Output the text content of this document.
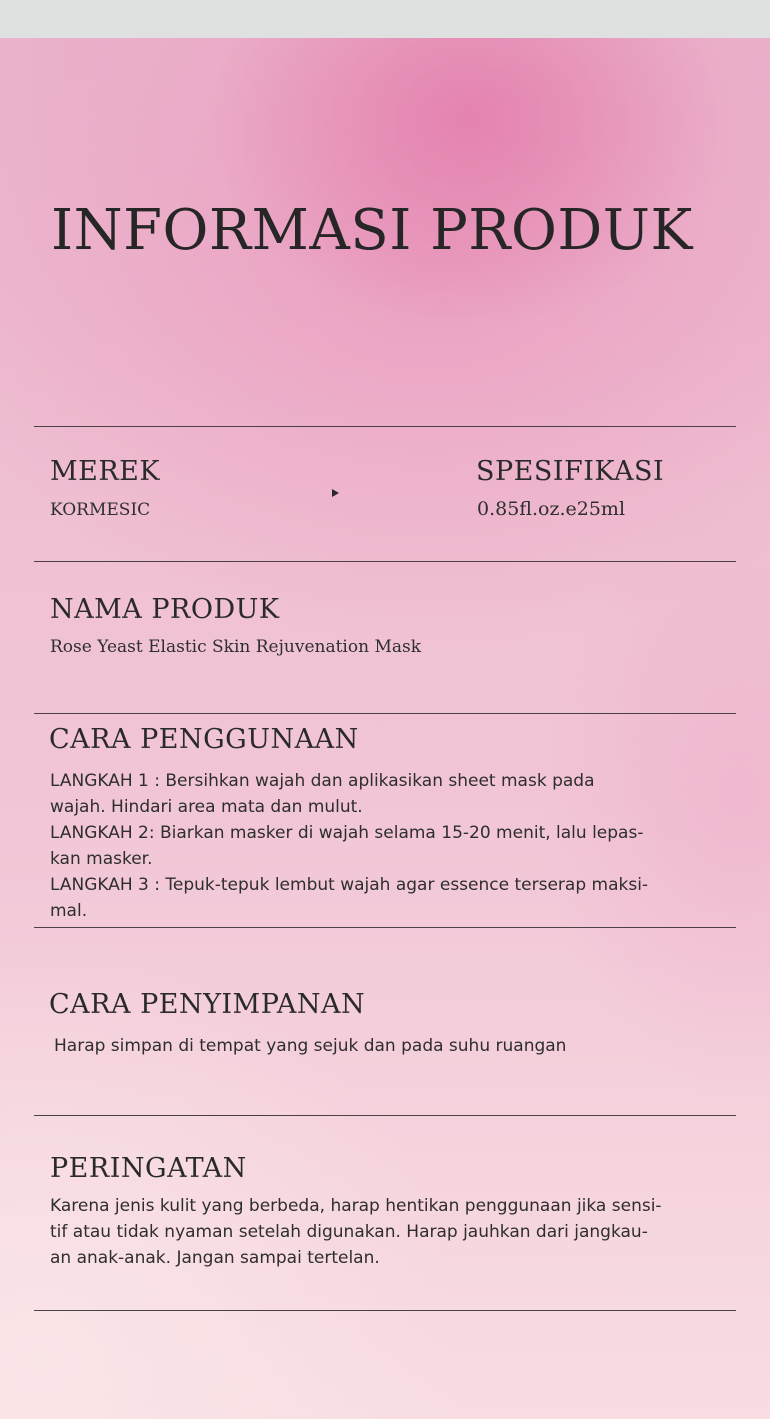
INFORMASI PRODUK
MEREK

KORMESIC

SPESIFIKASI

0.85fl.oz.e25ml

NAMA PRODUK

Rose Yeast Elastic Skin Rejuvenation Mask

CARA PENGGUNAAN
LANGKAH 1 : Bersihkan wajah dan aplikasikan sheet mask pada
wajah. Hindari area mata dan mulut.
LANGKAH 2: Biarkan masker di wajah selama 15-20 menit, lalu lepas-
kan masker.
LANGKAH 3 : Tepuk-tepuk lembut wajah agar essence terserap maksi-
mal.
CARA PENYIMPANAN

Harap simpan di tempat yang sejuk dan pada suhu ruangan

PERINGATAN
Karena jenis kulit yang berbeda, harap hentikan penggunaan jika sensi-
tif atau tidak nyaman setelah digunakan. Harap jauhkan dari jangkau-
an anak-anak. Jangan sampai tertelan.
